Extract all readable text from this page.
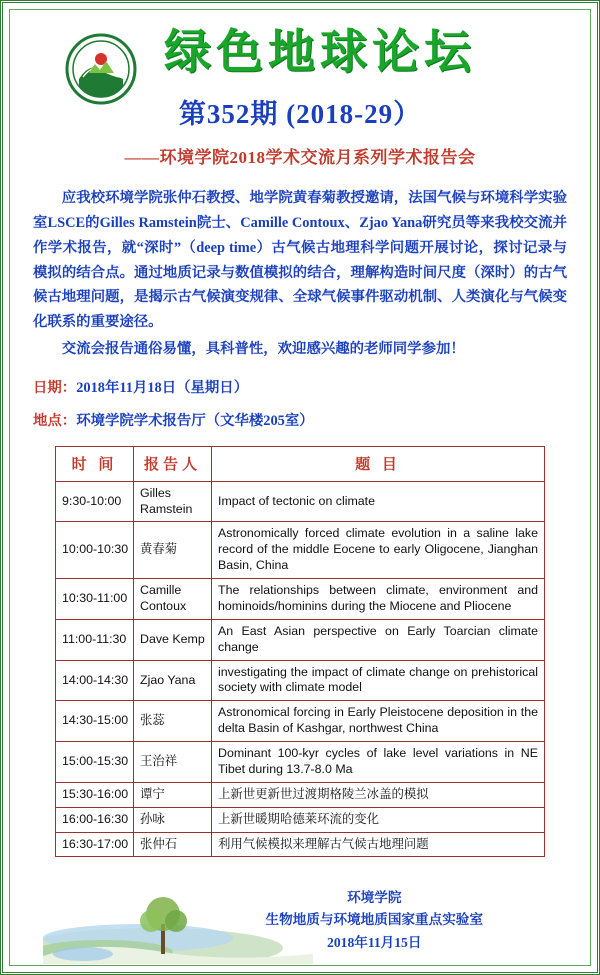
ZHB
绿色地球论坛
第352期 (2018-29）
——环境学院2018学术交流月系列学术报告会

应我校环境学院张仲石教授、地学院黄春菊教授邀请，法国气候与环境科学实验室LSCE的Gilles Ramstein院士、Camille Contoux、Zjao Yana研究员等来我校交流并作学术报告，就“深时”（deep time）古气候古地理科学问题开展讨论，探讨记录与模拟的结合点。通过地质记录与数值模拟的结合，理解构造时间尺度（深时）的古气候古地理问题，是揭示古气候演变规律、全球气候事件驱动机制、人类演化与气候变化联系的重要途径。

交流会报告通俗易懂，具科普性，欢迎感兴趣的老师同学参加！

日期：2018年11月18日（星期日）
地点：环境学院学术报告厅（文华楼205室）
时 间	报告人	题 目
9:30-10:00	Gilles Ramstein	Impact of tectonic on climate
10:00-10:30	黄春菊	Astronomically forced climate evolution in a saline lake record of the middle Eocene to early Oligocene, Jianghan Basin, China
10:30-11:00	Camille Contoux	The relationships between climate, environment and hominoids/hominins during the Miocene and Pliocene
11:00-11:30	Dave Kemp	An East Asian perspective on Early Toarcian climate change
14:00-14:30	Zjao Yana	investigating the impact of climate change on prehistorical society with climate model
14:30-15:00	张蕊	Astronomical forcing in Early Pleistocene deposition in the delta Basin of Kashgar, northwest China
15:00-15:30	王治祥	Dominant 100-kyr cycles of lake level variations in NE Tibet during 13.7-8.0 Ma
15:30-16:00	谭宁	上新世更新世过渡期格陵兰冰盖的模拟
16:00-16:30	孙咏	上新世暖期哈德莱环流的变化
16:30-17:00	张仲石	利用气候模拟来理解古气候古地理问题
环境学院
生物地质与环境地质国家重点实验室
2018年11月15日
